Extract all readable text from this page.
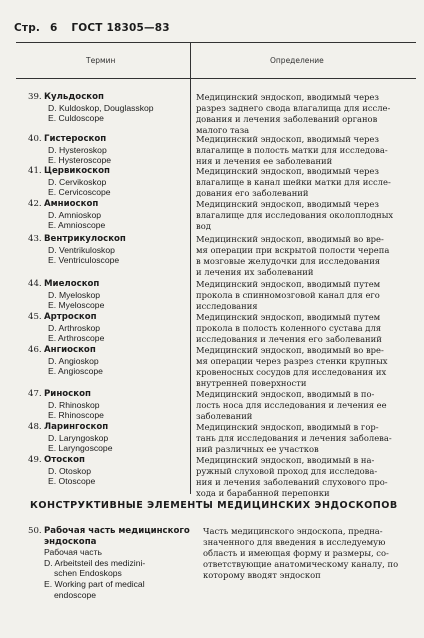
Стр. 6 ГОСТ 18305—83
Термин	Определение
39. Кульдоскоп
D. Kuldoskop, Douglasskop
E. Culdoscope
Медицинский эндоскоп, вводимый через
разрез заднего свода влагалища для иссле-
дования и лечения заболеваний органов
малого таза
40. Гистероскоп
D. Hysteroskop
E. Hysteroscope
Медицинский эндоскоп, вводимый через
влагалище в полость матки для исследова-
ния и лечения ее заболеваний
41. Цервикоскоп
D. Cervikoskop
E. Cervicoscope
Медицинский эндоскоп, вводимый через
влагалище в канал шейки матки для иссле-
дования его заболеваний
42. Амниоскоп
D. Amnioskop
E. Amnioscope
Медицинский эндоскоп, вводимый через
влагалище для исследования околоплодных
вод
43. Вентрикулоскоп
D. Ventrikuloskop
E. Ventriculoscope
Медицинский эндоскоп, вводимый во вре-
мя операции при вскрытой полости черепа
в мозговые желудочки для исследования
и лечения их заболеваний
44. Миелоскоп
D. Myeloskop
E. Myeloscope
Медицинский эндоскоп, вводимый путем
прокола в спинномозговой канал для его
исследования
45. Артроскоп
D. Arthroskop
E. Arthroscope
Медицинский эндоскоп, вводимый путем
прокола в полость коленного сустава для
исследования и лечения его заболеваний
46. Ангиоскоп
D. Angioskop
E. Angioscope
Медицинский эндоскоп, вводимый во вре-
мя операции через разрез стенки крупных
кровеносных сосудов для исследования их
внутренней поверхности
47. Риноскоп
D. Rhinoskop
E. Rhinoscope
Медицинский эндоскоп, вводимый в по-
лость носа для исследования и лечения ее
заболеваний
48. Ларингоскоп
D. Laryngoskop
E. Laryngoscope
Медицинский эндоскоп, вводимый в гор-
тань для исследования и лечения заболева-
ний различных ее участков
49. Отоскоп
D. Otoskop
E. Otoscope
Медицинский эндоскоп, вводимый в на-
ружный слуховой проход для исследова-
ния и лечения заболеваний слухового про-
хода и барабанной перепонки
КОНСТРУКТИВНЫЕ ЭЛЕМЕНТЫ МЕДИЦИНСКИХ ЭНДОСКОПОВ
50. Рабочая часть медицинского
эндоскопа
Рабочая часть
D. Arbeitsteil des medizini-
schen Endoskops
E. Working part of medical
endoscope
Часть медицинского эндоскопа, предна-
значенного для введения в исследуемую
область и имеющая форму и размеры, со-
ответствующие анатомическому каналу, по
которому вводят эндоскоп
